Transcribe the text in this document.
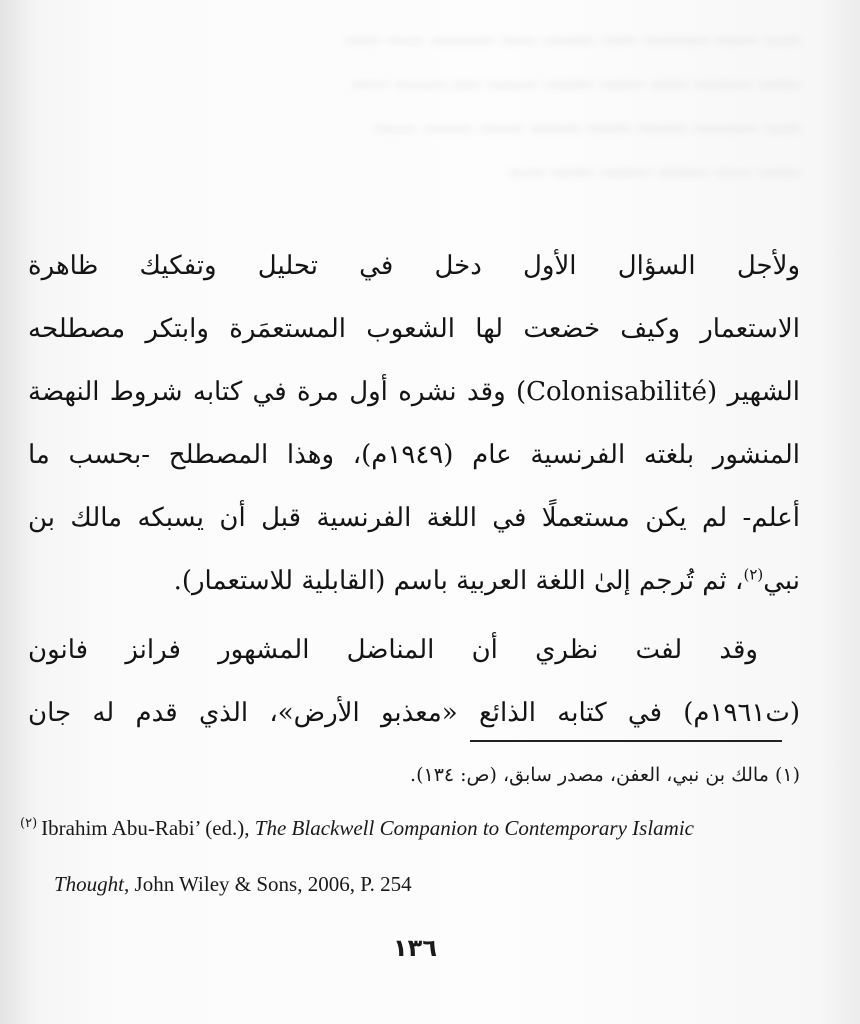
ـــــ ــــــ ـــــــــ ـــــ ـــــــ ـــــ ـــــــــ ـــــ ـــــ
ــــــ ــــــــ ـــــ ــــــ ـــــــ ـــــــ ــــ ـــــــ ـــــ
ـــــ ـــــــــ ـــــــ ــــــ ـــــــ ــــــ ـــــــ ــــــ
ــــــ ـــــ ـــــــ ـــــــ ــــــ ـــــ
ولأجل السؤال الأول دخل في تحليل وتفكيك ظاهرة
الاستعمار وكيف خضعت لها الشعوب المستعمَرة وابتكر مصطلحه
الشهير (Colonisabilité) وقد نشره أول مرة في كتابه شروط النهضة
المنشور بلغته الفرنسية عام (١٩٤٩م)، وهذا المصطلح -بحسب ما
أعلم- لم يكن مستعملًا في اللغة الفرنسية قبل أن يسبكه مالك بن
نبي$^{(٢)}$، ثم تُرجم إلىٰ اللغة العربية باسم (القابلية للاستعمار).
وقد لفت نظري أن المناضل المشهور فرانز فانون
(ت١٩٦١م) في كتابه الذائع «معذبو الأرض»، الذي قدم له جان
(١) مالك بن نبي، العفن، مصدر سابق، (ص: ١٣٤).
$^{(٢)}$ Ibrahim Abu-Rabi’ (ed.), The Blackwell Companion to Contemporary Islamic
Thought, John Wiley & Sons, 2006, P. 254
١٣٦
